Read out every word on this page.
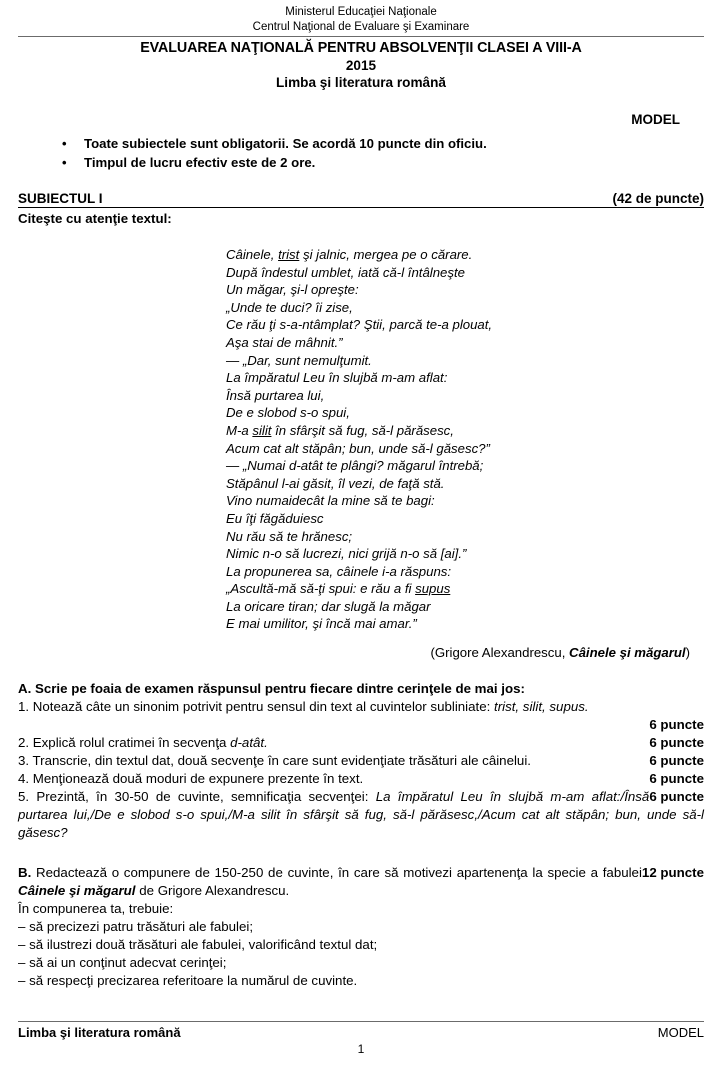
Ministerul Educaţiei Naţionale
Centrul Naţional de Evaluare şi Examinare
EVALUAREA NAŢIONALĂ PENTRU ABSOLVENŢII CLASEI A VIII-A
2015
Limba şi literatura română
MODEL
•	Toate subiectele sunt obligatorii. Se acordă 10 puncte din oficiu.
•	Timpul de lucru efectiv este de 2 ore.
SUBIECTUL I	(42 de puncte)
Citeşte cu atenţie textul:
Câinele, trist şi jalnic, mergea pe o cărare.
După îndestul umblet, iată că-l întâlneşte
Un măgar, şi-l opreşte:
„Unde te duci? îi zise,
Ce rău ţi s-a-ntâmplat? Ştii, parcă te-a plouat,
Aşa stai de mâhnit.”
— „Dar, sunt nemulţumit.
La împăratul Leu în slujbă m-am aflat:
Însă purtarea lui,
De e slobod s-o spui,
M-a silit în sfârşit să fug, să-l părăsesc,
Acum cat alt stăpân; bun, unde să-l găsesc?”
— „Numai d-atât te plângi? măgarul întrebă;
Stăpânul l-ai găsit, îl vezi, de faţă stă.
Vino numaidecât la mine să te bagi:
Eu îţi făgăduiesc
Nu rău să te hrănesc;
Nimic n-o să lucrezi, nici grijă n-o să [ai].”
La propunerea sa, câinele i-a răspuns:
„Ascultă-mă să-ţi spui: e rău a fi supus
La oricare tiran; dar slugă la măgar
E mai umilitor, şi încă mai amar.”
(Grigore Alexandrescu, Câinele şi măgarul)
A. Scrie pe foaia de examen răspunsul pentru fiecare dintre cerinţele de mai jos:
1. Notează câte un sinonim potrivit pentru sensul din text al cuvintelor subliniate: trist, silit, supus.
6 puncte
2. Explică rolul cratimei în secvenţa d-atât.	6 puncte
3. Transcrie, din textul dat, două secvenţe în care sunt evidenţiate trăsături ale câinelui.	6 puncte
4. Menţionează două moduri de expunere prezente în text.	6 puncte
6 puncte
5. Prezintă, în 30-50 de cuvinte, semnificaţia secvenţei: La împăratul Leu în slujbă m-am aflat:/Însă purtarea lui,/De e slobod s-o spui,/M-a silit în sfârşit să fug, să-l părăsesc,/Acum cat alt stăpân; bun, unde să-l găsesc?
12 puncte
B. Redactează o compunere de 150-250 de cuvinte, în care să motivezi apartenenţa la specie a fabulei Câinele şi măgarul de Grigore Alexandrescu.
În compunerea ta, trebuie:
– să precizezi patru trăsături ale fabulei;
– să ilustrezi două trăsături ale fabulei, valorificând textul dat;
– să ai un conţinut adecvat cerinţei;
– să respecţi precizarea referitoare la numărul de cuvinte.
Limba şi literatura română	MODEL
1
